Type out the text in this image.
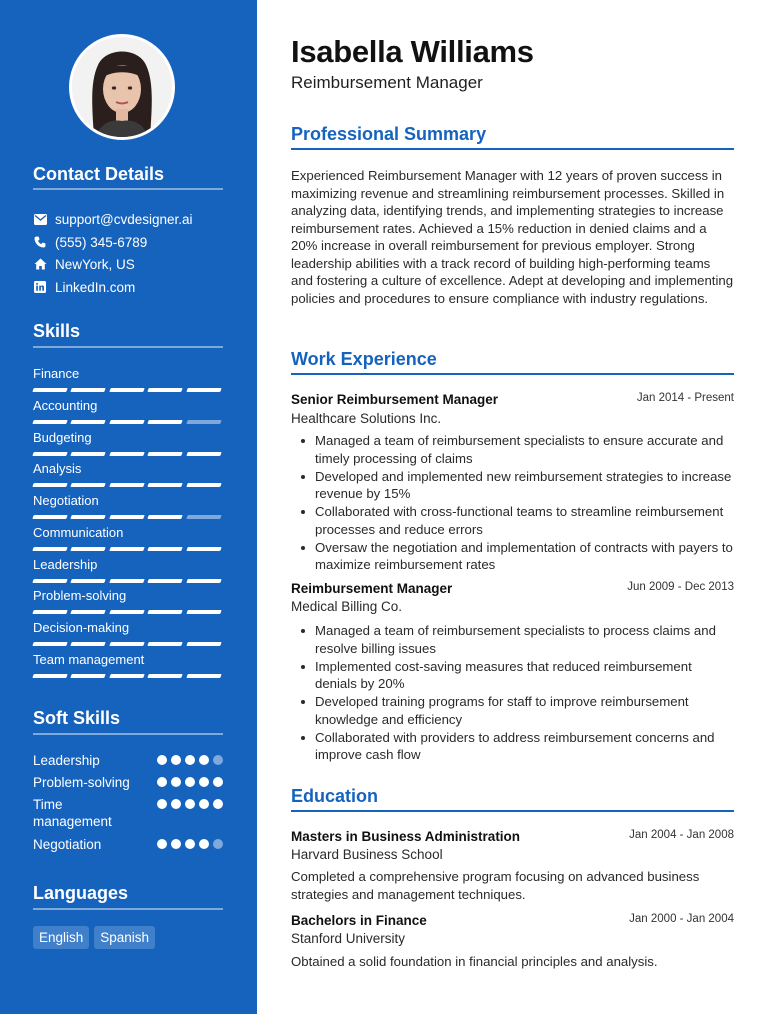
Contact Details
support@cvdesigner.ai
(555) 345-6789
NewYork, US
LinkedIn.com
Skills
Finance
Accounting
Budgeting
Analysis
Negotiation
Communication
Leadership
Problem-solving
Decision-making
Team management
Soft Skills
Leadership
Problem-solving
Time management
Negotiation
Languages
English	Spanish
Isabella Williams
Reimbursement Manager
Professional Summary
Experienced Reimbursement Manager with 12 years of proven success in maximizing revenue and streamlining reimbursement processes. Skilled in analyzing data, identifying trends, and implementing strategies to increase reimbursement rates. Achieved a 15% reduction in denied claims and a 20% increase in overall reimbursement for previous employer. Strong leadership abilities with a track record of building high-performing teams and fostering a culture of excellence. Adept at developing and implementing policies and procedures to ensure compliance with industry regulations.
Work Experience
Senior Reimbursement Manager	Jan 2014 - Present
Healthcare Solutions Inc.
Managed a team of reimbursement specialists to ensure accurate and timely processing of claims
Developed and implemented new reimbursement strategies to increase revenue by 15%
Collaborated with cross-functional teams to streamline reimbursement processes and reduce errors
Oversaw the negotiation and implementation of contracts with payers to maximize reimbursement rates
Reimbursement Manager	Jun 2009 - Dec 2013
Medical Billing Co.
Managed a team of reimbursement specialists to process claims and resolve billing issues
Implemented cost-saving measures that reduced reimbursement denials by 20%
Developed training programs for staff to improve reimbursement knowledge and efficiency
Collaborated with providers to address reimbursement concerns and improve cash flow
Education
Masters in Business Administration	Jan 2004 - Jan 2008
Harvard Business School
Completed a comprehensive program focusing on advanced business strategies and management techniques.
Bachelors in Finance	Jan 2000 - Jan 2004
Stanford University
Obtained a solid foundation in financial principles and analysis.
